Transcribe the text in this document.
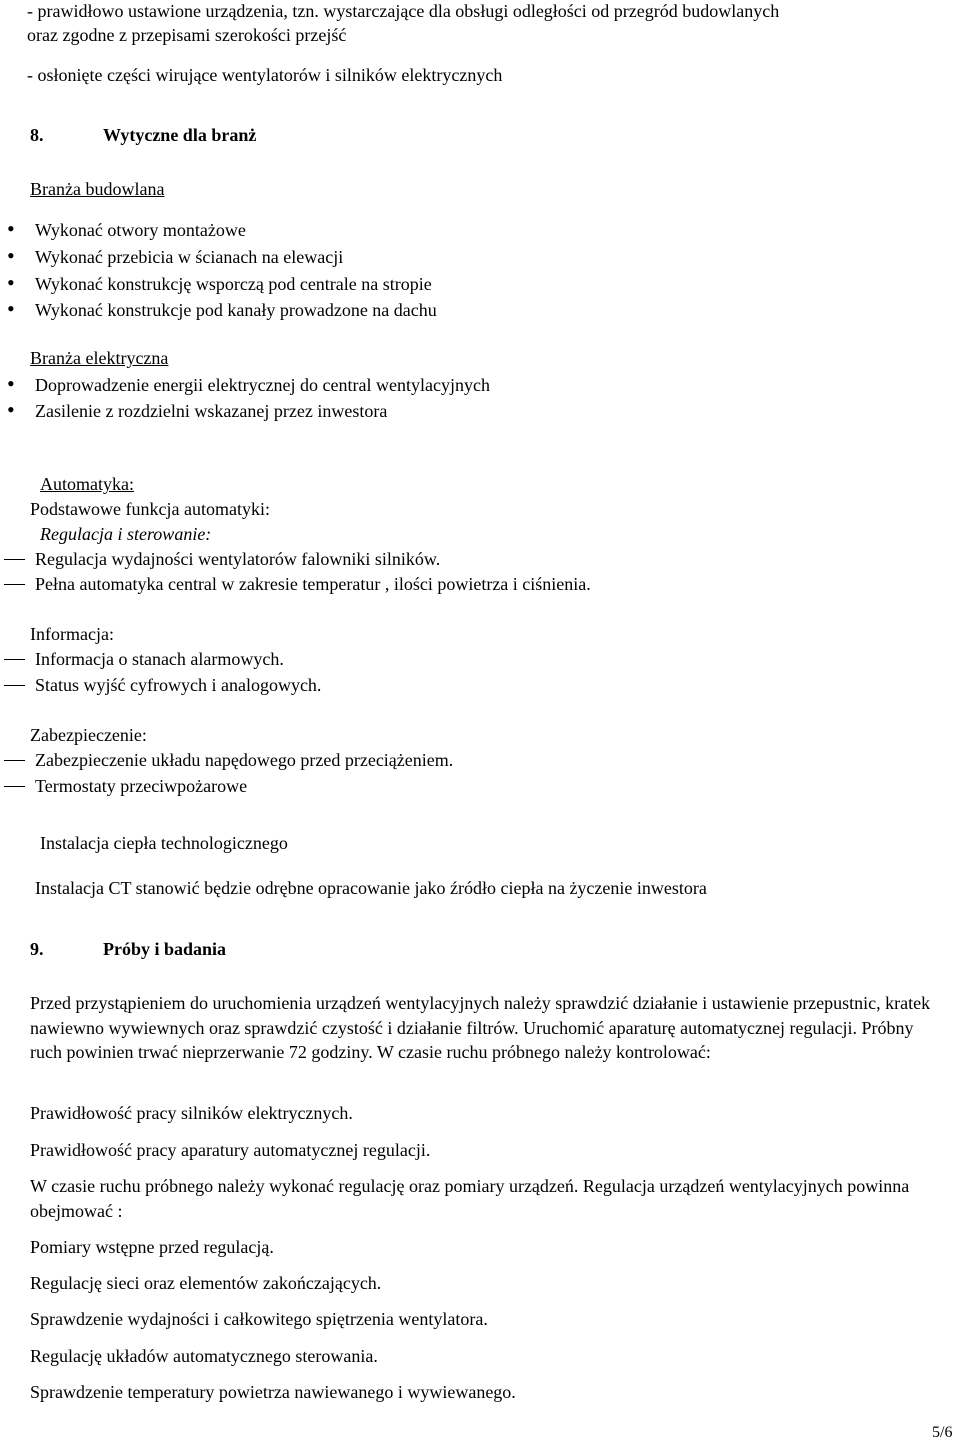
- prawidłowo ustawione urządzenia, tzn. wystarczające dla obsługi odległości od przegród budowlanych
oraz zgodne z przepisami szerokości przejść
- osłonięte części wirujące wentylatorów i silników elektrycznych
8.	Wytyczne dla branż
Branża budowlana
• Wykonać otwory montażowe
• Wykonać przebicia w ścianach na elewacji
• Wykonać konstrukcję wsporczą pod centrale na stropie
• Wykonać konstrukcje pod kanały prowadzone na dachu
Branża elektryczna
• Doprowadzenie energii elektrycznej do central wentylacyjnych
• Zasilenie z rozdzielni wskazanej przez inwestora
Automatyka:
Podstawowe funkcja automatyki:
Regulacja i sterowanie:
Regulacja wydajności wentylatorów falowniki silników.
Pełna automatyka central w zakresie temperatur , ilości powietrza i ciśnienia.
Informacja:
Informacja o stanach alarmowych.
Status wyjść cyfrowych i analogowych.
Zabezpieczenie:
Zabezpieczenie układu napędowego przed przeciążeniem.
Termostaty przeciwpożarowe
Instalacja ciepła technologicznego
Instalacja CT stanowić będzie odrębne opracowanie jako źródło ciepła na życzenie inwestora
9.	Próby i badania
Przed przystąpieniem do uruchomienia urządzeń wentylacyjnych należy sprawdzić działanie i ustawienie przepustnic, kratek nawiewno wywiewnych oraz sprawdzić czystość i działanie filtrów. Uruchomić aparaturę automatycznej regulacji. Próbny ruch powinien trwać nieprzerwanie 72 godziny. W czasie ruchu próbnego należy kontrolować:
Prawidłowość pracy silników elektrycznych.
Prawidłowość pracy aparatury automatycznej regulacji.
W czasie ruchu próbnego należy wykonać regulację oraz pomiary urządzeń. Regulacja urządzeń wentylacyjnych powinna obejmować :
Pomiary wstępne przed regulacją.
Regulację sieci oraz elementów zakończających.
Sprawdzenie wydajności i całkowitego spiętrzenia wentylatora.
Regulację układów automatycznego sterowania.
Sprawdzenie temperatury powietrza nawiewanego i wywiewanego.
5/6
